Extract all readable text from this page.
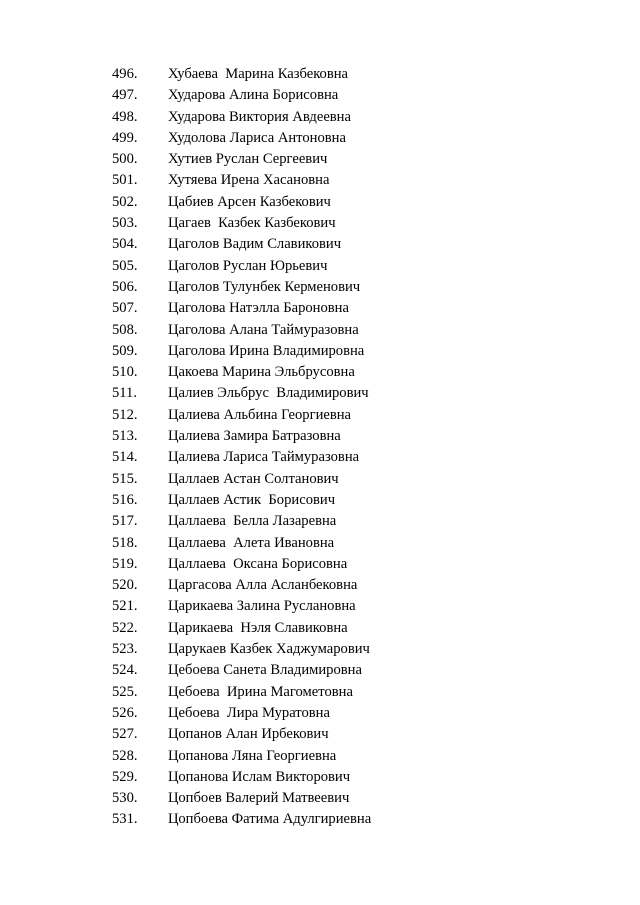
496.	Хубаева  Марина Казбековна
497.	Хударова Алина Борисовна
498.	Хударова Виктория Авдеевна
499.	Худолова Лариса Антоновна
500.	Хутиев Руслан Сергеевич
501.	Хутяева Ирена Хасановна
502.	Цабиев Арсен Казбекович
503.	Цагаев  Казбек Казбекович
504.	Цаголов Вадим Славикович
505.	Цаголов Руслан Юрьевич
506.	Цаголов Тулунбек Керменович
507.	Цаголова Натэлла Бароновна
508.	Цаголова Алана Таймуразовна
509.	Цаголова Ирина Владимировна
510.	Цакоева Марина Эльбрусовна
511.	Цалиев Эльбрус  Владимирович
512.	Цалиева Альбина Георгиевна
513.	Цалиева Замира Батразовна
514.	Цалиева Лариса Таймуразовна
515.	Цаллаев Астан Солтанович
516.	Цаллаев Астик  Борисович
517.	Цаллаева  Белла Лазаревна
518.	Цаллаева  Алета Ивановна
519.	Цаллаева  Оксана Борисовна
520.	Царгасова Алла Асланбековна
521.	Царикаева Залина Руслановна
522.	Царикаева  Нэля Славиковна
523.	Царукаев Казбек Хаджумарович
524.	Цебоева Санета Владимировна
525.	Цебоева  Ирина Магометовна
526.	Цебоева  Лира Муратовна
527.	Цопанов Алан Ирбекович
528.	Цопанова Ляна Георгиевна
529.	Цопанова Ислам Викторович
530.	Цопбоев Валерий Матвеевич
531.	Цопбоева Фатима Адулгириевна
